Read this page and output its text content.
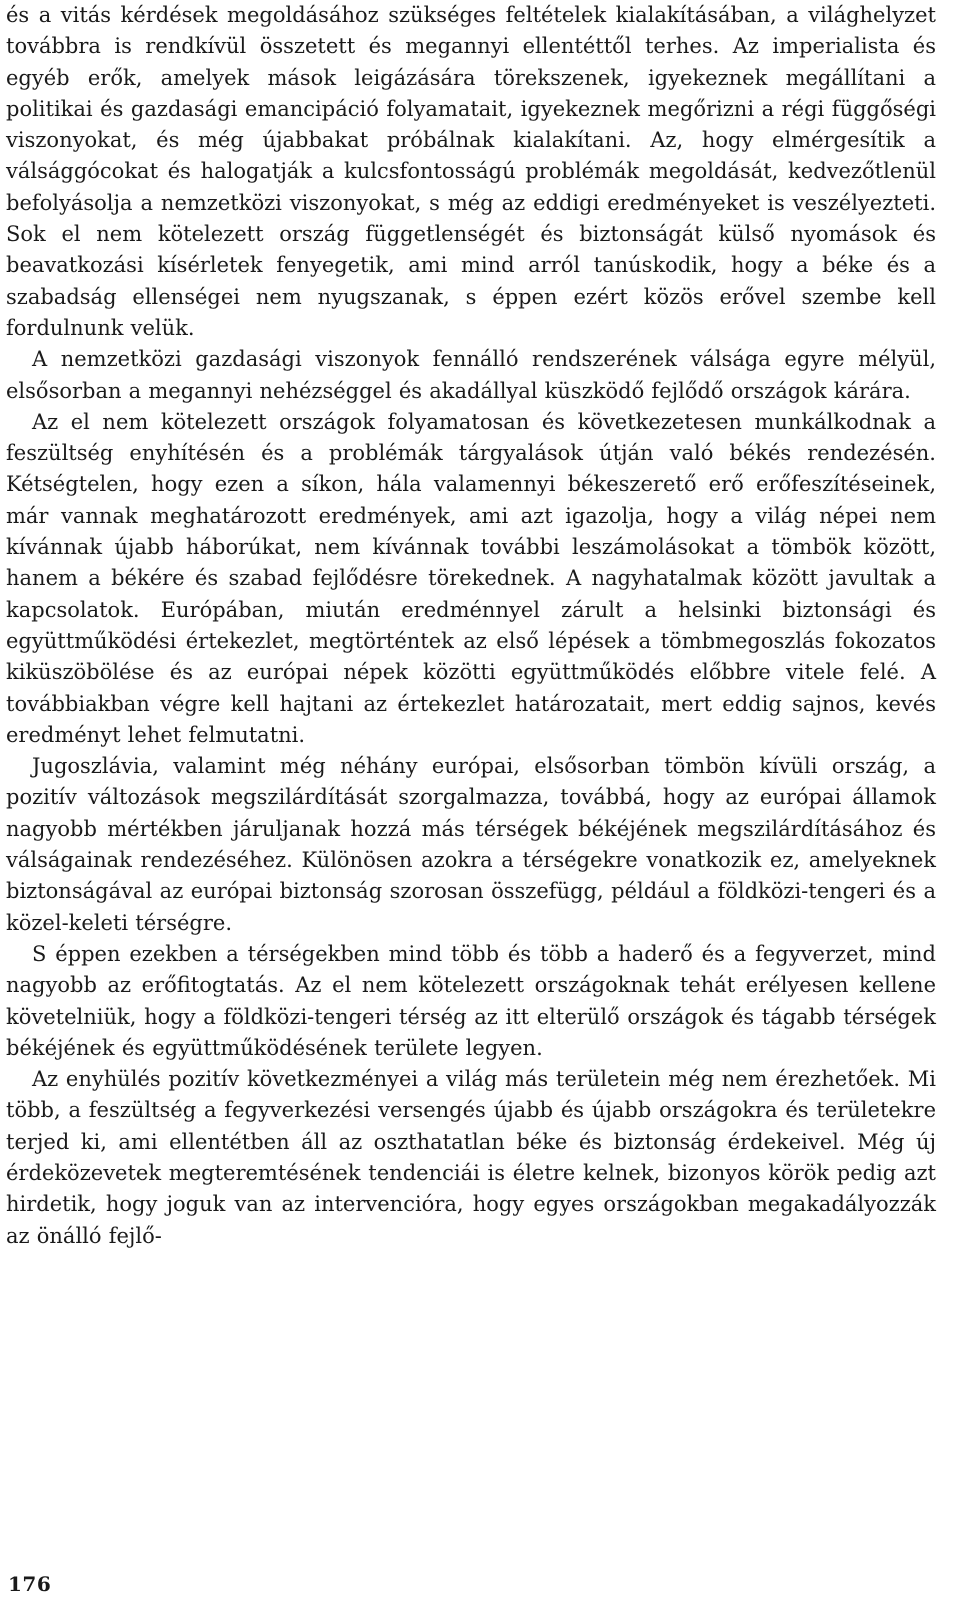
és a vitás kérdések megoldásához szükséges feltételek kialakításában, a világhelyzet továbbra is rendkívül összetett és megannyi ellentéttől terhes. Az imperialista és egyéb erők, amelyek mások leigázására törekszenek, igyekeznek megállítani a politikai és gazdasági emancipáció folyamatait, igyekeznek megőrizni a régi függőségi viszonyokat, és még újabbakat próbálnak kialakítani. Az, hogy elmérgesítik a válsággócokat és halogatják a kulcsfontosságú problémák megoldását, kedvezőtlenül befolyásolja a nemzetközi viszonyokat, s még az eddigi eredményeket is veszélyezteti. Sok el nem kötelezett ország függetlenségét és biztonságát külső nyomások és beavatkozási kísérletek fenyegetik, ami mind arról tanúskodik, hogy a béke és a szabadság ellenségei nem nyugszanak, s éppen ezért közös erővel szembe kell fordulnunk velük.

A nemzetközi gazdasági viszonyok fennálló rendszerének válsága egyre mélyül, elsősorban a megannyi nehézséggel és akadállyal küszködő fejlődő országok kárára.

Az el nem kötelezett országok folyamatosan és következetesen munkálkodnak a feszültség enyhítésén és a problémák tárgyalások útján való békés rendezésén. Kétségtelen, hogy ezen a síkon, hála valamennyi békeszerető erő erőfeszítéseinek, már vannak meghatározott eredmények, ami azt igazolja, hogy a világ népei nem kívánnak újabb háborúkat, nem kívánnak további leszámolásokat a tömbök között, hanem a békére és szabad fejlődésre törekednek. A nagyhatalmak között javultak a kapcsolatok. Európában, miután eredménnyel zárult a helsinki biztonsági és együttműködési értekezlet, megtörténtek az első lépések a tömbmegoszlás fokozatos kiküszöbölése és az európai népek közötti együttműködés előbbre vitele felé. A továbbiakban végre kell hajtani az értekezlet határozatait, mert eddig sajnos, kevés eredményt lehet felmutatni.

Jugoszlávia, valamint még néhány európai, elsősorban tömbön kívüli ország, a pozitív változások megszilárdítását szorgalmazza, továbbá, hogy az európai államok nagyobb mértékben járuljanak hozzá más térségek békéjének megszilárdításához és válságainak rendezéséhez. Különösen azokra a térségekre vonatkozik ez, amelyeknek biztonságával az európai biztonság szorosan összefügg, például a földközi-tengeri és a közel-keleti térségre.

S éppen ezekben a térségekben mind több és több a haderő és a fegyverzet, mind nagyobb az erőfitogtatás. Az el nem kötelezett országoknak tehát erélyesen kellene követelniük, hogy a földközi-tengeri térség az itt elterülő országok és tágabb térségek békéjének és együttműködésének területe legyen.

Az enyhülés pozitív következményei a világ más területein még nem érezhetőek. Mi több, a feszültség a fegyverkezési versengés újabb és újabb országokra és területekre terjed ki, ami ellentétben áll az oszthatatlan béke és biztonság érdekeivel. Még új érdeközevetek megteremtésének tendenciái is életre kelnek, bizonyos körök pedig azt hirdetik, hogy joguk van az intervencióra, hogy egyes országokban megakadályozzák az önálló fejlő-

176
